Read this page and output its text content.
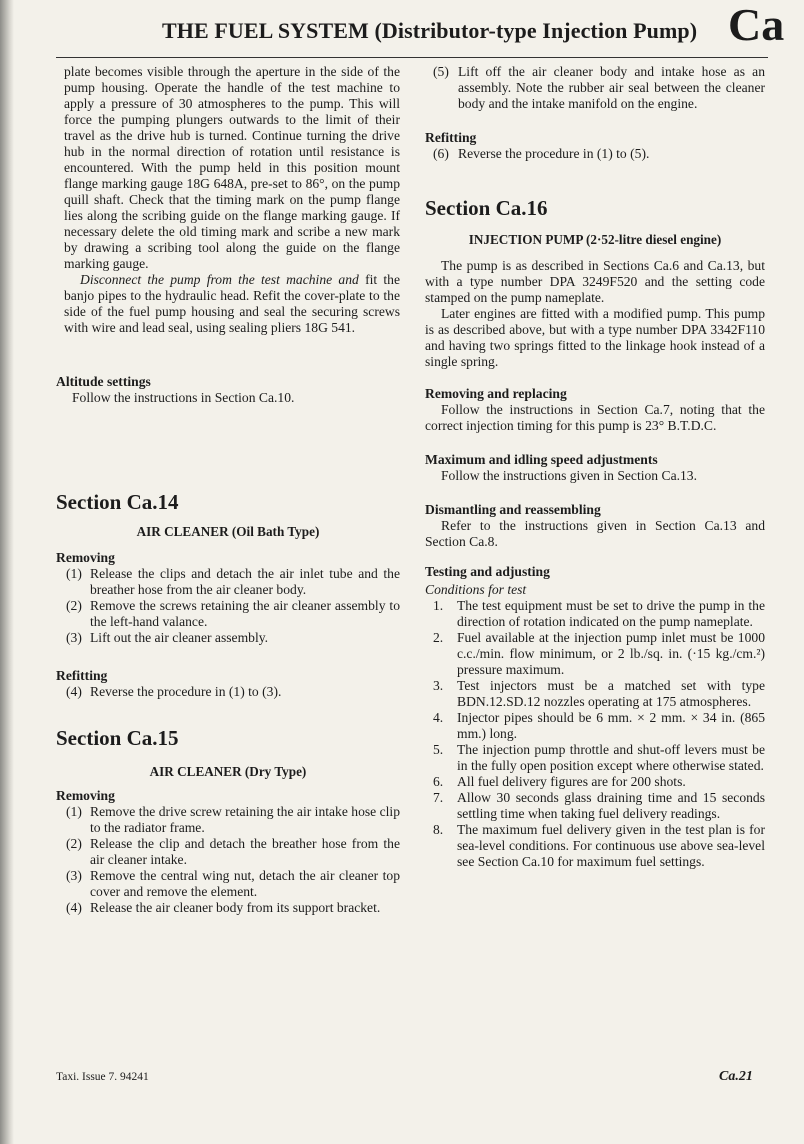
THE FUEL SYSTEM (Distributor-type Injection Pump) Ca

plate becomes visible through the aperture in the side of the pump housing. Operate the handle of the test machine to apply a pressure of 30 atmospheres to the pump. This will force the pumping plungers outwards to the limit of their travel as the drive hub is turned. Continue turning the drive hub in the normal direction of rotation until resistance is encountered. With the pump held in this position mount flange marking gauge 18G 648A, pre-set to 86°, on the pump quill shaft. Check that the timing mark on the pump flange lies along the scribing guide on the flange marking gauge. If necessary delete the old timing mark and scribe a new mark by drawing a scribing tool along the guide on the flange marking gauge.

Disconnect the pump from the test machine and fit the banjo pipes to the hydraulic head. Refit the cover-plate to the side of the fuel pump housing and seal the securing screws with wire and lead seal, using sealing pliers 18G 541.

Altitude settings

Follow the instructions in Section Ca.10.

Section Ca.14

AIR CLEANER (Oil Bath Type)

Removing

(1) Release the clips and detach the air inlet tube and the breather hose from the air cleaner body.
(2) Remove the screws retaining the air cleaner assembly to the left-hand valance.
(3) Lift out the air cleaner assembly.

Refitting

(4) Reverse the procedure in (1) to (3).

Section Ca.15

AIR CLEANER (Dry Type)

Removing

(1) Remove the drive screw retaining the air intake hose clip to the radiator frame.
(2) Release the clip and detach the breather hose from the air cleaner intake.
(3) Remove the central wing nut, detach the air cleaner top cover and remove the element.
(4) Release the air cleaner body from its support bracket.
(5) Lift off the air cleaner body and intake hose as an assembly. Note the rubber air seal between the cleaner body and the intake manifold on the engine.

Refitting

(6) Reverse the procedure in (1) to (5).

Section Ca.16

INJECTION PUMP (2·52-litre diesel engine)

The pump is as described in Sections Ca.6 and Ca.13, but with a type number DPA 3249F520 and the setting code stamped on the pump nameplate.

Later engines are fitted with a modified pump. This pump is as described above, but with a type number DPA 3342F110 and having two springs fitted to the linkage hook instead of a single spring.

Removing and replacing

Follow the instructions in Section Ca.7, noting that the correct injection timing for this pump is 23° B.T.D.C.

Maximum and idling speed adjustments

Follow the instructions given in Section Ca.13.

Dismantling and reassembling

Refer to the instructions given in Section Ca.13 and Section Ca.8.

Testing and adjusting

Conditions for test

1. The test equipment must be set to drive the pump in the direction of rotation indicated on the pump nameplate.
2. Fuel available at the injection pump inlet must be 1000 c.c./min. flow minimum, or 2 lb./sq. in. (·15 kg./cm.²) pressure maximum.
3. Test injectors must be a matched set with type BDN.12.SD.12 nozzles operating at 175 atmospheres.
4. Injector pipes should be 6 mm. × 2 mm. × 34 in. (865 mm.) long.
5. The injection pump throttle and shut-off levers must be in the fully open position except where otherwise stated.
6. All fuel delivery figures are for 200 shots.
7. Allow 30 seconds glass draining time and 15 seconds settling time when taking fuel delivery readings.
8. The maximum fuel delivery given in the test plan is for sea-level conditions. For continuous use above sea-level see Section Ca.10 for maximum fuel settings.
Taxi. Issue 7. 94241	Ca.21
